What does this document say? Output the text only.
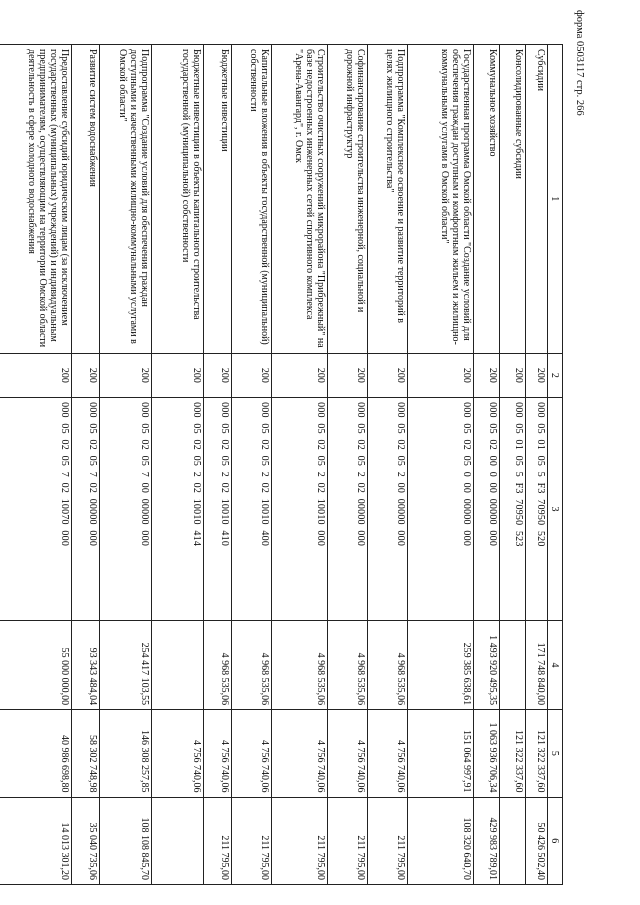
форма 0503117 стр. 266
1	2	3	4	5	6
Субсидии	200	000 05 01 05 5 F3 70950 520	171 748 840,00	121 322 337,60	50 426 502,40
Консолидированные субсидии	200	000 05 01 05 5 F3 70950 523		121 322 337,60	
Коммунальное хозяйство	200	000 05 02 00 0 00 00000 000	1 493 920 495,35	1 063 936 706,34	429 983 789,01
Государственная программа Омской области "Создание условий для обеспечения граждан доступным и комфортным жильем и жилищно-коммунальными услугами в Омской области"	200	000 05 02 05 0 00 00000 000	259 385 638,61	151 064 997,91	108 320 640,70
Подпрограмма "Комплексное освоение и развитие территорий в целях жилищного строительства"	200	000 05 02 05 2 00 00000 000	4 968 535,06	4 756 740,06	211 795,00
Софинансирование строительства инженерной, социальной и дорожной инфраструктур	200	000 05 02 05 2 02 00000 000	4 968 535,06	4 756 740,06	211 795,00
Строительство очистных сооружений микрорайона "Прибрежный" на базе недостроенных инженерных сетей спортивного комплекса "Арена-Авангард", г. Омск	200	000 05 02 05 2 02 10010 000	4 968 535,06	4 756 740,06	211 795,00
Капитальные вложения в объекты государственной (муниципальной) собственности	200	000 05 02 05 2 02 10010 400	4 968 535,06	4 756 740,06	211 795,00
Бюджетные инвестиции	200	000 05 02 05 2 02 10010 410	4 968 535,06	4 756 740,06	211 795,00
Бюджетные инвестиции в объекты капитального строительства государственной (муниципальной) собственности	200	000 05 02 05 2 02 10010 414		4 756 740,06	
Подпрограмма "Создание условий для обеспечения граждан доступными и качественными жилищно-коммунальными услугами в Омской области"	200	000 05 02 05 7 00 00000 000	254 417 103,55	146 308 257,85	108 108 845,70
Развитие систем водоснабжения	200	000 05 02 05 7 02 00000 000	93 343 484,04	58 302 748,98	35 040 735,06
Предоставление субсидий юридическим лицам (за исключением государственных (муниципальных) учреждений) и индивидуальным предпринимателям, осуществляющим на территории Омской области деятельность в сфере холодного водоснабжения	200	000 05 02 05 7 02 10070 000	55 000 000,00	40 986 698,80	14 013 301,20
